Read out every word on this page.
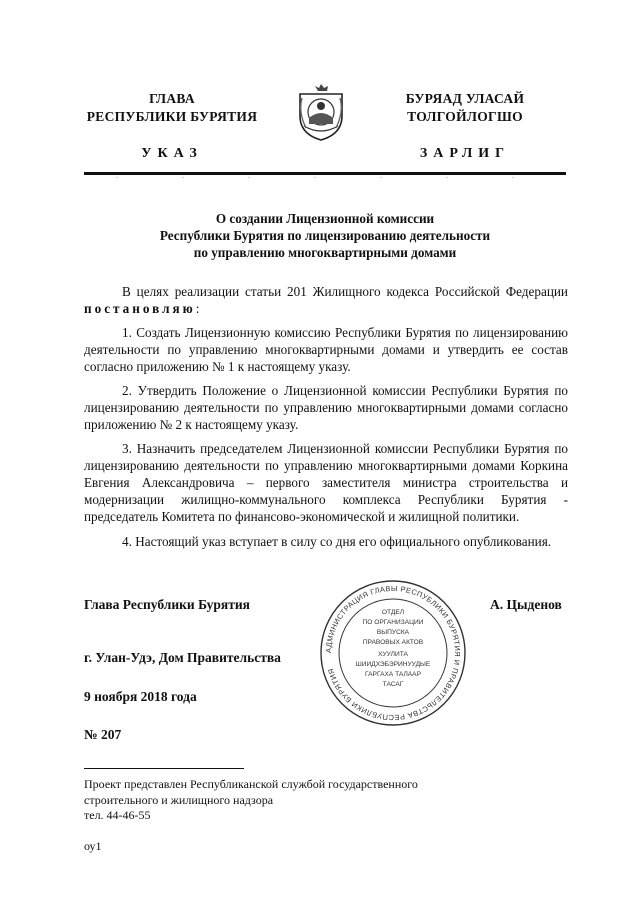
ГЛАВА
РЕСПУБЛИКИ БУРЯТИЯ
БУРЯАД УЛАСАЙ
ТОЛГОЙЛОГШО
УКАЗ	ЗАРЛИГ
О создании Лицензионной комиссии
Республики Бурятия по лицензированию деятельности
по управлению многоквартирными домами
В целях реализации статьи 201 Жилищного кодекса Российской Федерации постановляю:
1. Создать Лицензионную комиссию Республики Бурятия по лицензированию деятельности по управлению многоквартирными домами и утвердить ее состав согласно приложению № 1 к настоящему указу.
2. Утвердить Положение о Лицензионной комиссии Республики Бурятия по лицензированию деятельности по управлению многоквартирными домами согласно приложению № 2 к настоящему указу.
3. Назначить председателем Лицензионной комиссии Республики Бурятия по лицензированию деятельности по управлению многоквартирными домами Коркина Евгения Александровича – первого заместителя министра строительства и модернизации жилищно-коммунального комплекса Республики Бурятия - председатель Комитета по финансово-экономической и жилищной политики.
4. Настоящий указ вступает в силу со дня его официального опубликования.
Глава Республики Бурятия	А. Цыденов
г. Улан-Удэ, Дом Правительства
9 ноября 2018 года
№ 207
АДМИНИСТРАЦИЯ ГЛАВЫ РЕСПУБЛИКИ БУРЯТИЯ И ПРАВИТЕЛЬСТВА РЕСПУБЛИКИ БУРЯТИЯ
ОТДЕЛ
ПО ОРГАНИЗАЦИИ
ВЫПУСКА
ПРАВОВЫХ АКТОВ
ХУУЛИТА
ШИИДХЭБЭРИНУУДЫЕ
ГАРГАХА ТАЛААР
ТАСАГ
Проект представлен Республиканской службой государственного
строительного и жилищного надзора
тел. 44-46-55
оу1
